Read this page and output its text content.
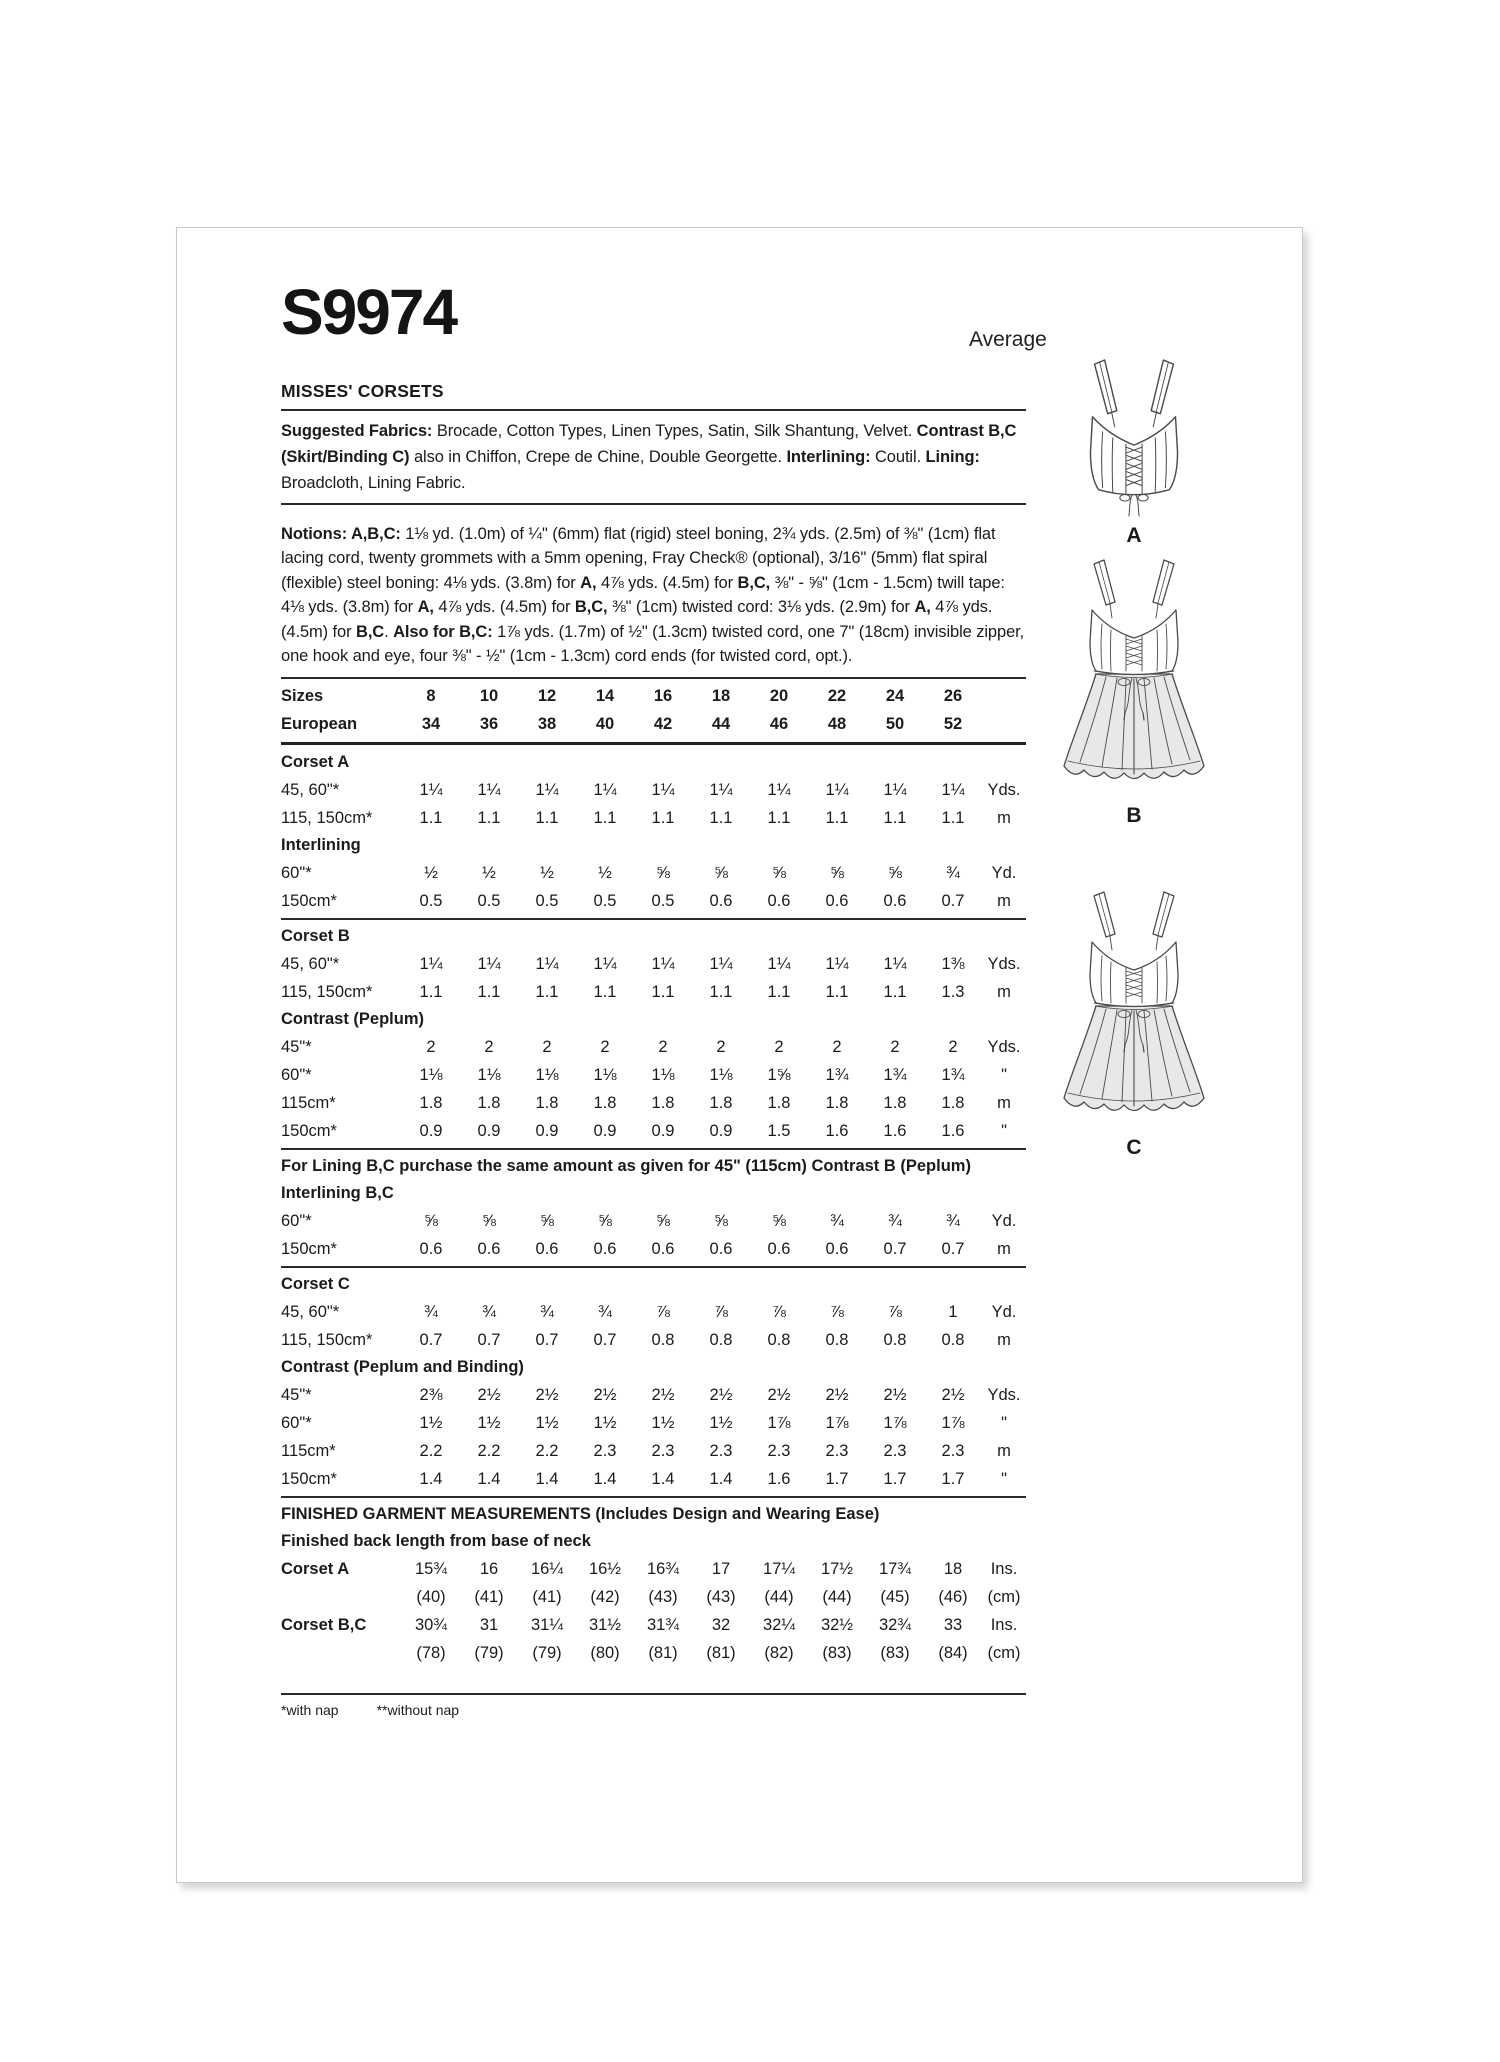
Average
S9974
MISSES' CORSETS

Suggested Fabrics: Brocade, Cotton Types, Linen Types, Satin, Silk Shantung, Velvet. Contrast B,C (Skirt/Binding C) also in Chiffon, Crepe de Chine, Double Georgette. Interlining: Coutil. Lining: Broadcloth, Lining Fabric.

Notions: A,B,C: 1⅛ yd. (1.0m) of ¼" (6mm) flat (rigid) steel boning, 2¾ yds. (2.5m) of ⅜" (1cm) flat lacing cord, twenty grommets with a 5mm opening, Fray Check® (optional), 3/16" (5mm) flat spiral (flexible) steel boning: 4⅛ yds. (3.8m) for A, 4⅞ yds. (4.5m) for B,C, ⅜" - ⅝" (1cm - 1.5cm) twill tape: 4⅛ yds. (3.8m) for A, 4⅞ yds. (4.5m) for B,C, ⅜" (1cm) twisted cord: 3⅛ yds. (2.9m) for A, 4⅞ yds. (4.5m) for B,C. Also for B,C: 1⅞ yds. (1.7m) of ½" (1.3cm) twisted cord, one 7" (18cm) invisible zipper, one hook and eye, four ⅜" - ½" (1cm - 1.3cm) cord ends (for twisted cord, opt.).

Sizes	8	10	12	14	16	18	20	22	24	26
European	34	36	38	40	42	44	46	48	50	52
Corset A
45, 60"*	1¼	1¼	1¼	1¼	1¼	1¼	1¼	1¼	1¼	1¼	Yds.
115, 150cm*	1.1	1.1	1.1	1.1	1.1	1.1	1.1	1.1	1.1	1.1	m
Interlining
60"*	½	½	½	½	⅝	⅝	⅝	⅝	⅝	¾	Yd.
150cm*	0.5	0.5	0.5	0.5	0.5	0.6	0.6	0.6	0.6	0.7	m
Corset B
45, 60"*	1¼	1¼	1¼	1¼	1¼	1¼	1¼	1¼	1¼	1⅜	Yds.
115, 150cm*	1.1	1.1	1.1	1.1	1.1	1.1	1.1	1.1	1.1	1.3	m
Contrast (Peplum)
45"*	2	2	2	2	2	2	2	2	2	2	Yds.
60"*	1⅛	1⅛	1⅛	1⅛	1⅛	1⅛	1⅝	1¾	1¾	1¾	"
115cm*	1.8	1.8	1.8	1.8	1.8	1.8	1.8	1.8	1.8	1.8	m
150cm*	0.9	0.9	0.9	0.9	0.9	0.9	1.5	1.6	1.6	1.6	"
For Lining B,C purchase the same amount as given for 45" (115cm) Contrast B (Peplum)
Interlining B,C
60"*	⅝	⅝	⅝	⅝	⅝	⅝	⅝	¾	¾	¾	Yd.
150cm*	0.6	0.6	0.6	0.6	0.6	0.6	0.6	0.6	0.7	0.7	m
Corset C
45, 60"*	¾	¾	¾	¾	⅞	⅞	⅞	⅞	⅞	1	Yd.
115, 150cm*	0.7	0.7	0.7	0.7	0.8	0.8	0.8	0.8	0.8	0.8	m
Contrast (Peplum and Binding)
45"*	2⅜	2½	2½	2½	2½	2½	2½	2½	2½	2½	Yds.
60"*	1½	1½	1½	1½	1½	1½	1⅞	1⅞	1⅞	1⅞	"
115cm*	2.2	2.2	2.2	2.3	2.3	2.3	2.3	2.3	2.3	2.3	m
150cm*	1.4	1.4	1.4	1.4	1.4	1.4	1.6	1.7	1.7	1.7	"
FINISHED GARMENT MEASUREMENTS (Includes Design and Wearing Ease)
Finished back length from base of neck
Corset A	15¾	16	16¼	16½	16¾	17	17¼	17½	17¾	18	Ins.
(40)	(41)	(41)	(42)	(43)	(43)	(44)	(44)	(45)	(46)	(cm)
Corset B,C	30¾	31	31¼	31½	31¾	32	32¼	32½	32¾	33	Ins.
(78)	(79)	(79)	(80)	(81)	(81)	(82)	(83)	(83)	(84)	(cm)
*with nap	**without nap
A
B
C
